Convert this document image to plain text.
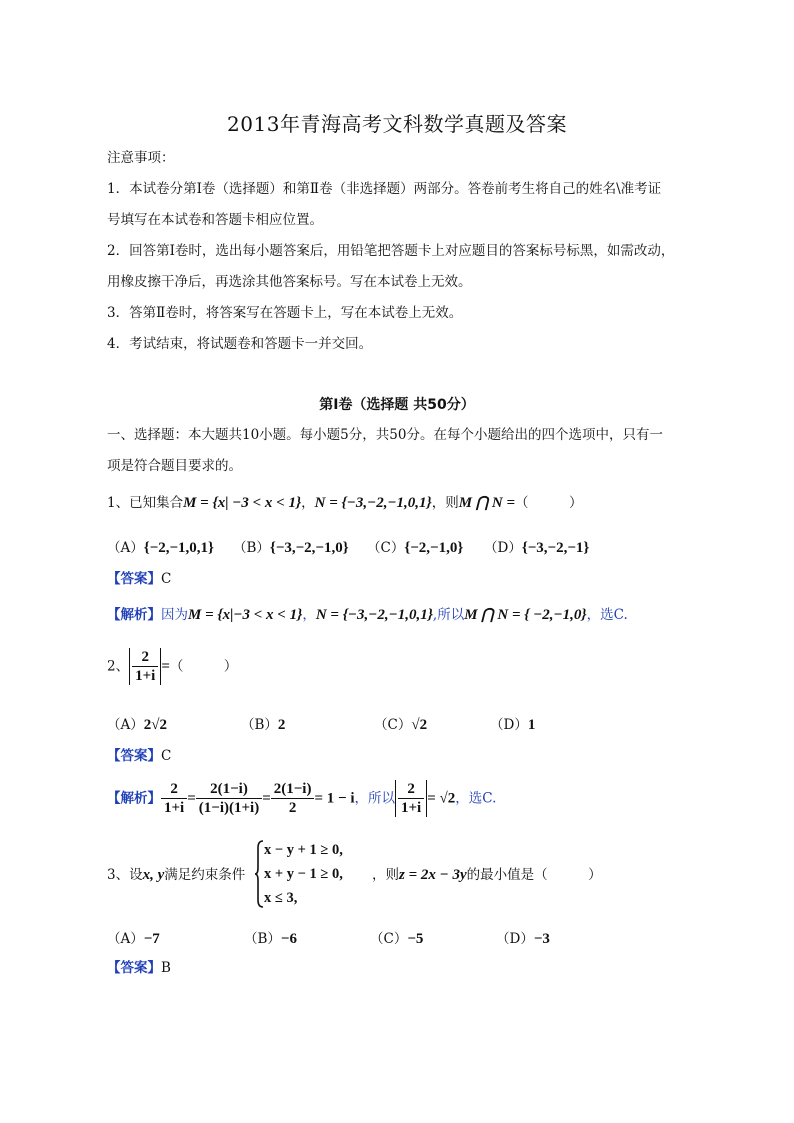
2013年青海高考文科数学真题及答案
注意事项：
1．本试卷分第Ⅰ卷（选择题）和第Ⅱ卷（非选择题）两部分。答卷前考生将自己的姓名\准考证
号填写在本试卷和答题卡相应位置。
2．回答第Ⅰ卷时，选出每小题答案后，用铅笔把答题卡上对应题目的答案标号标黑，如需改动，
用橡皮擦干净后，再选涂其他答案标号。写在本试卷上无效。
3．答第Ⅱ卷时，将答案写在答题卡上，写在本试卷上无效。
4．考试结束，将试题卷和答题卡一并交回。
第Ⅰ卷（选择题 共50分）
一、选择题：本大题共10小题。每小题5分，共50分。在每个小题给出的四个选项中，只有一
项是符合题目要求的。
1、已知集合M = {x| −3 < x < 1}，N = {−3,−2,−1,0,1}，则M ⋂ N =（　　　）
（A）{−2,−1,0,1} （B）{−3,−2,−1,0} （C）{−2,−1,0} （D）{−3,−2,−1}
【答案】C
【解析】因为M = {x|−3 < x < 1}，N = {−3,−2,−1,0,1},所以M ⋂ N = { −2,−1,0}，选C.
2、 $\frac{2}{1+i}$ =（　　　）
（A）2√2	（B）2	（C）√2	（D）1
【答案】C
【解析】 $\frac{2}{1+i} = \frac{2(1-i)}{(1-i)(1+i)} = \frac{2(1-i)}{2} = 1 - i$，所以 $\frac{2}{1+i} = √2$，选C.
x − y + 1 ≥ 0,
x + y − 1 ≥ 0,
x ≤ 3,
3、设x, y满足约束条件	，则z = 2x − 3y的最小值是（　　　）
（A）−7	（B）−6	（C）−5	（D）−3
【答案】B
